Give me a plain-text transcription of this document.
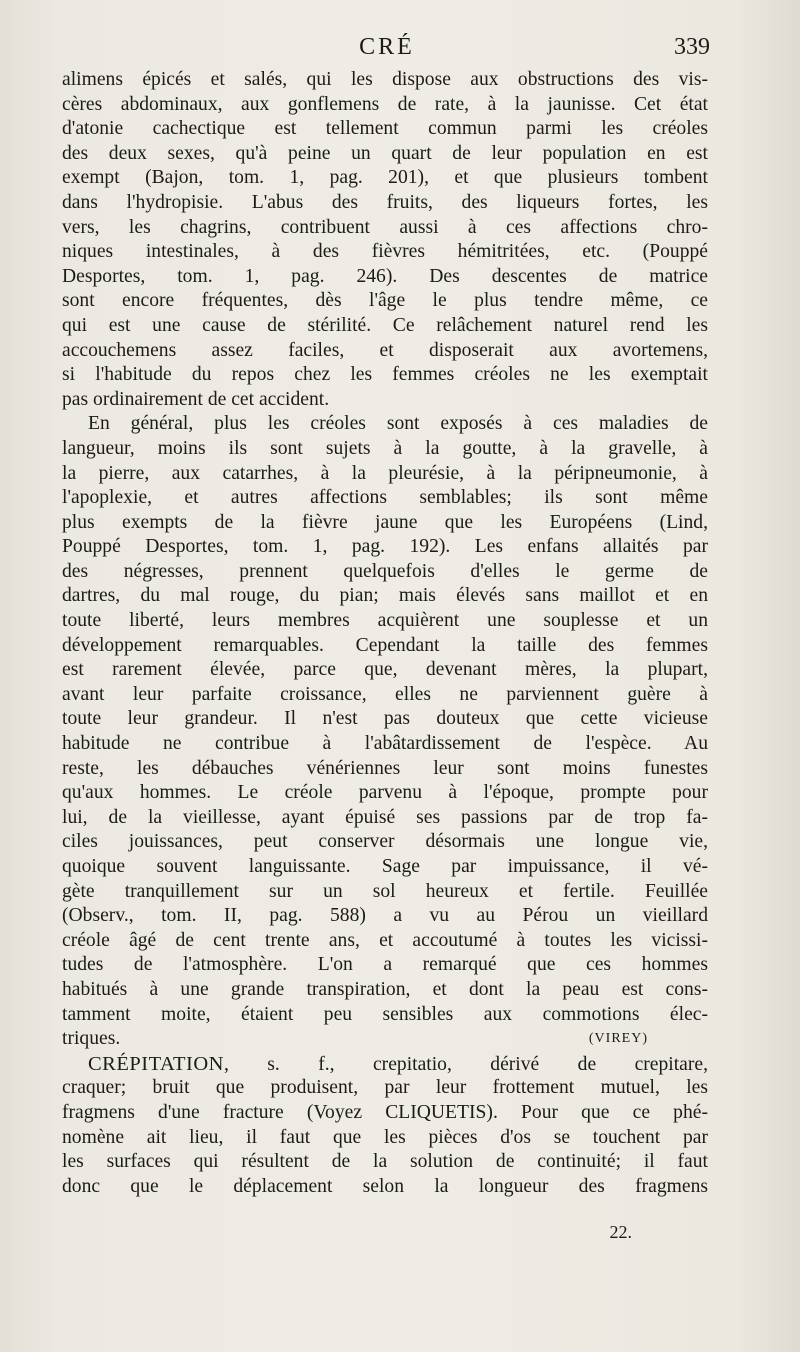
CRÉ	339
alimens épicés et salés, qui les dispose aux obstructions des vis-
cères abdominaux, aux gonflemens de rate, à la jaunisse. Cet état
d'atonie cachectique est tellement commun parmi les créoles
des deux sexes, qu'à peine un quart de leur population en est
exempt (Bajon, tom. 1, pag. 201), et que plusieurs tombent
dans l'hydropisie. L'abus des fruits, des liqueurs fortes, les
vers, les chagrins, contribuent aussi à ces affections chro-
niques intestinales, à des fièvres hémitritées, etc. (Pouppé
Desportes, tom. 1, pag. 246). Des descentes de matrice
sont encore fréquentes, dès l'âge le plus tendre même, ce
qui est une cause de stérilité. Ce relâchement naturel rend les
accouchemens assez faciles, et disposerait aux avortemens,
si l'habitude du repos chez les femmes créoles ne les exemptait
pas ordinairement de cet accident.
En général, plus les créoles sont exposés à ces maladies de
langueur, moins ils sont sujets à la goutte, à la gravelle, à
la pierre, aux catarrhes, à la pleurésie, à la péripneumonie, à
l'apoplexie, et autres affections semblables; ils sont même
plus exempts de la fièvre jaune que les Européens (Lind,
Pouppé Desportes, tom. 1, pag. 192). Les enfans allaités par
des négresses, prennent quelquefois d'elles le germe de
dartres, du mal rouge, du pian; mais élevés sans maillot et en
toute liberté, leurs membres acquièrent une souplesse et un
développement remarquables. Cependant la taille des femmes
est rarement élevée, parce que, devenant mères, la plupart,
avant leur parfaite croissance, elles ne parviennent guère à
toute leur grandeur. Il n'est pas douteux que cette vicieuse
habitude ne contribue à l'abâtardissement de l'espèce. Au
reste, les débauches vénériennes leur sont moins funestes
qu'aux hommes. Le créole parvenu à l'époque, prompte pour
lui, de la vieillesse, ayant épuisé ses passions par de trop fa-
ciles jouissances, peut conserver désormais une longue vie,
quoique souvent languissante. Sage par impuissance, il vé-
gète tranquillement sur un sol heureux et fertile. Feuillée
(Observ., tom. II, pag. 588) a vu au Pérou un vieillard
créole âgé de cent trente ans, et accoutumé à toutes les vicissi-
tudes de l'atmosphère. L'on a remarqué que ces hommes
habitués à une grande transpiration, et dont la peau est cons-
tamment moite, étaient peu sensibles aux commotions élec-
triques.	(VIREY)
CRÉPITATION, s. f., crepitatio, dérivé de crepitare,
craquer; bruit que produisent, par leur frottement mutuel, les
fragmens d'une fracture (Voyez CLIQUETIS). Pour que ce phé-
nomène ait lieu, il faut que les pièces d'os se touchent par
les surfaces qui résultent de la solution de continuité; il faut
donc que le déplacement selon la longueur des fragmens
22.
